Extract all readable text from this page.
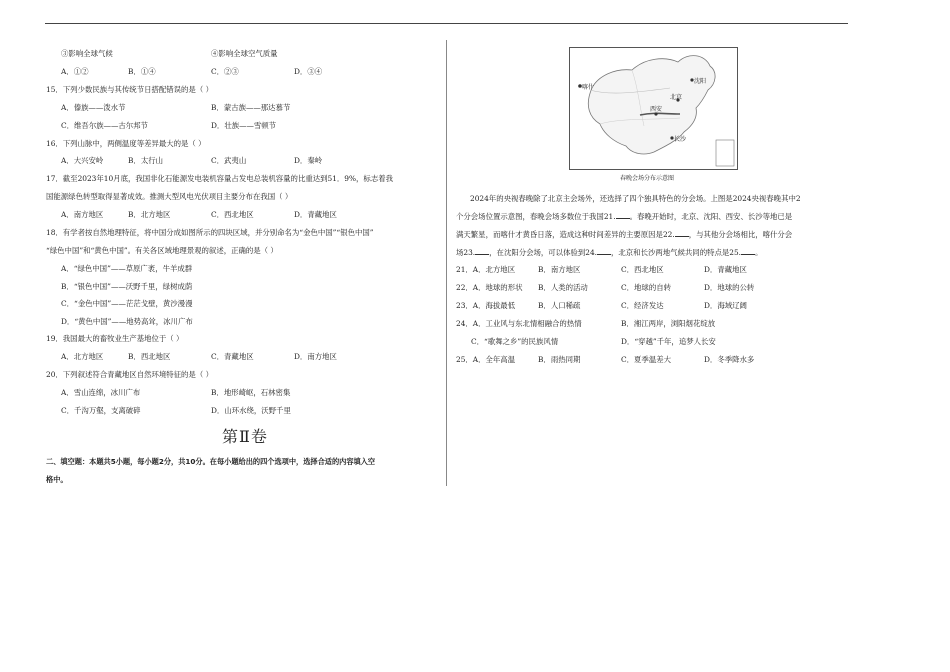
③影响全球气候	④影响全球空气质量
A．①②	B．①④	C．②③	D．③④
15．下列少数民族与其传统节日搭配错误的是（ ）
A．傣族——泼水节	B．蒙古族——那达慕节
C．维吾尔族——古尔邦节	D．壮族——雪顿节
16．下列山脉中，两侧温度等差异最大的是（ ）
A．大兴安岭	B．太行山	C．武夷山	D．秦岭
17．截至2023年10月底，我国非化石能源发电装机容量占发电总装机容量的比重达到51．9%，标志着我
国能源绿色转型取得显著成效。推测大型风电光伏项目主要分布在我国（ ）
A．南方地区	B．北方地区	C．西北地区	D．青藏地区
18．有学者按自然地理特征，将中国分成如图所示的四块区域，并分别命名为“金色中国”“银色中国”
“绿色中国”和“黄色中国”。有关各区域地理景观的叙述，正确的是（ ）
A．“绿色中国”——草原广袤，牛羊成群
B．“银色中国”——沃野千里，绿树成荫
C．“金色中国”——茫茫戈壁，黄沙漫漫
D．“黄色中国”——地势高耸，冰川广布
19．我国最大的畜牧业生产基地位于（ ）
A．北方地区	B．西北地区	C．青藏地区	D．南方地区
20．下列叙述符合青藏地区自然环境特征的是（ ）
A．雪山连绵，冰川广布	B．地形崎岖，石林密集
C．千沟万壑，支离破碎	D．山环水绕，沃野千里
第Ⅱ卷
二、填空题：本题共5小题，每小题2分，共10分。在每小题给出的四个选项中，选择合适的内容填入空
格中。
喀什
沈阳
北京
西安
长沙
春晚会场分布示意图
2024年的央视春晚除了北京主会场外，还选择了四个独具特色的分会场。上图是2024央视春晚其中2
个分会场位置示意图，春晚会场多数位于我国21. 。春晚开始时，北京、沈阳、西安、长沙等地已是
满天繁星，而喀什才黄昏日落，造成这种时间差异的主要原因是22. ，与其他分会场相比，喀什分会
场23. ，在沈阳分会场，可以体验到24. ，北京和长沙两地气候共同的特点是25. 。
21．A．北方地区	B．南方地区	C．西北地区	D．青藏地区
22．A．地球的形状 B．人类的活动	C．地球的自转	D．地球的公转
23．A．海拔最低	B．人口稀疏	C．经济发达	D．海域辽阔
24．A．工业风与东北情相融合的热情	B．湘江两岸，浏阳烟花绽放
C．“歌舞之乡”的民族风情	D．“穿越”千年，追梦人长安
25．A．全年高温	B．雨热同期	C．夏季温差大	D．冬季降水多
